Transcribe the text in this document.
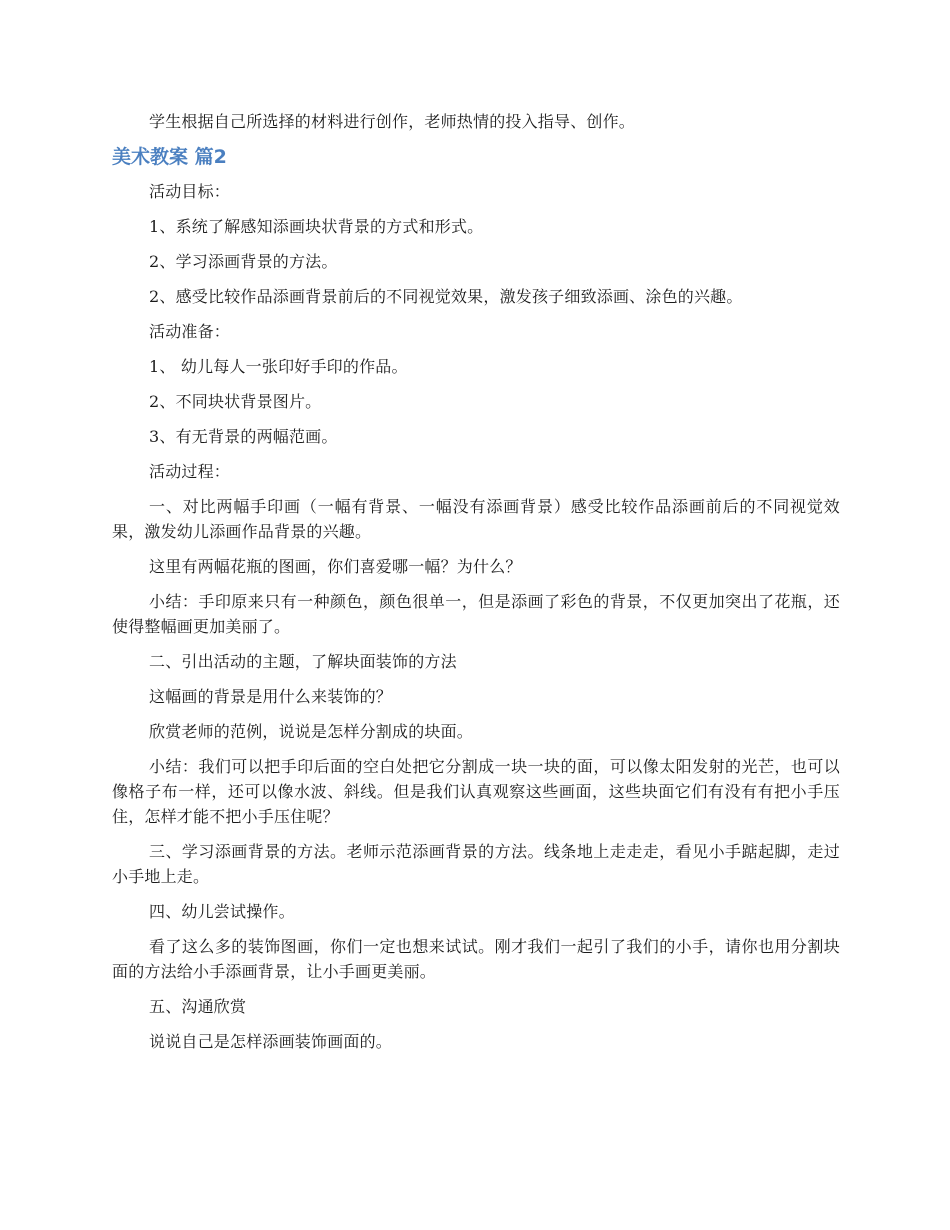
学生根据自己所选择的材料进行创作，老师热情的投入指导、创作。

美术教案 篇2

活动目标：

1、系统了解感知添画块状背景的方式和形式。

2、学习添画背景的方法。

2、感受比较作品添画背景前后的不同视觉效果，激发孩子细致添画、涂色的兴趣。

活动准备：

1、 幼儿每人一张印好手印的作品。

2、不同块状背景图片。

3、有无背景的两幅范画。

活动过程：

一、对比两幅手印画（一幅有背景、一幅没有添画背景）感受比较作品添画前后的不同视觉效果，激发幼儿添画作品背景的兴趣。

这里有两幅花瓶的图画，你们喜爱哪一幅？为什么？

小结：手印原来只有一种颜色，颜色很单一，但是添画了彩色的背景，不仅更加突出了花瓶，还使得整幅画更加美丽了。

二、引出活动的主题，了解块面装饰的方法

这幅画的背景是用什么来装饰的？

欣赏老师的范例，说说是怎样分割成的块面。

小结：我们可以把手印后面的空白处把它分割成一块一块的面，可以像太阳发射的光芒，也可以像格子布一样，还可以像水波、斜线。但是我们认真观察这些画面，这些块面它们有没有有把小手压住，怎样才能不把小手压住呢？

三、学习添画背景的方法。老师示范添画背景的方法。线条地上走走走，看见小手踮起脚，走过小手地上走。

四、幼儿尝试操作。

看了这么多的装饰图画，你们一定也想来试试。刚才我们一起引了我们的小手，请你也用分割块面的方法给小手添画背景，让小手画更美丽。

五、沟通欣赏

说说自己是怎样添画装饰画面的。
